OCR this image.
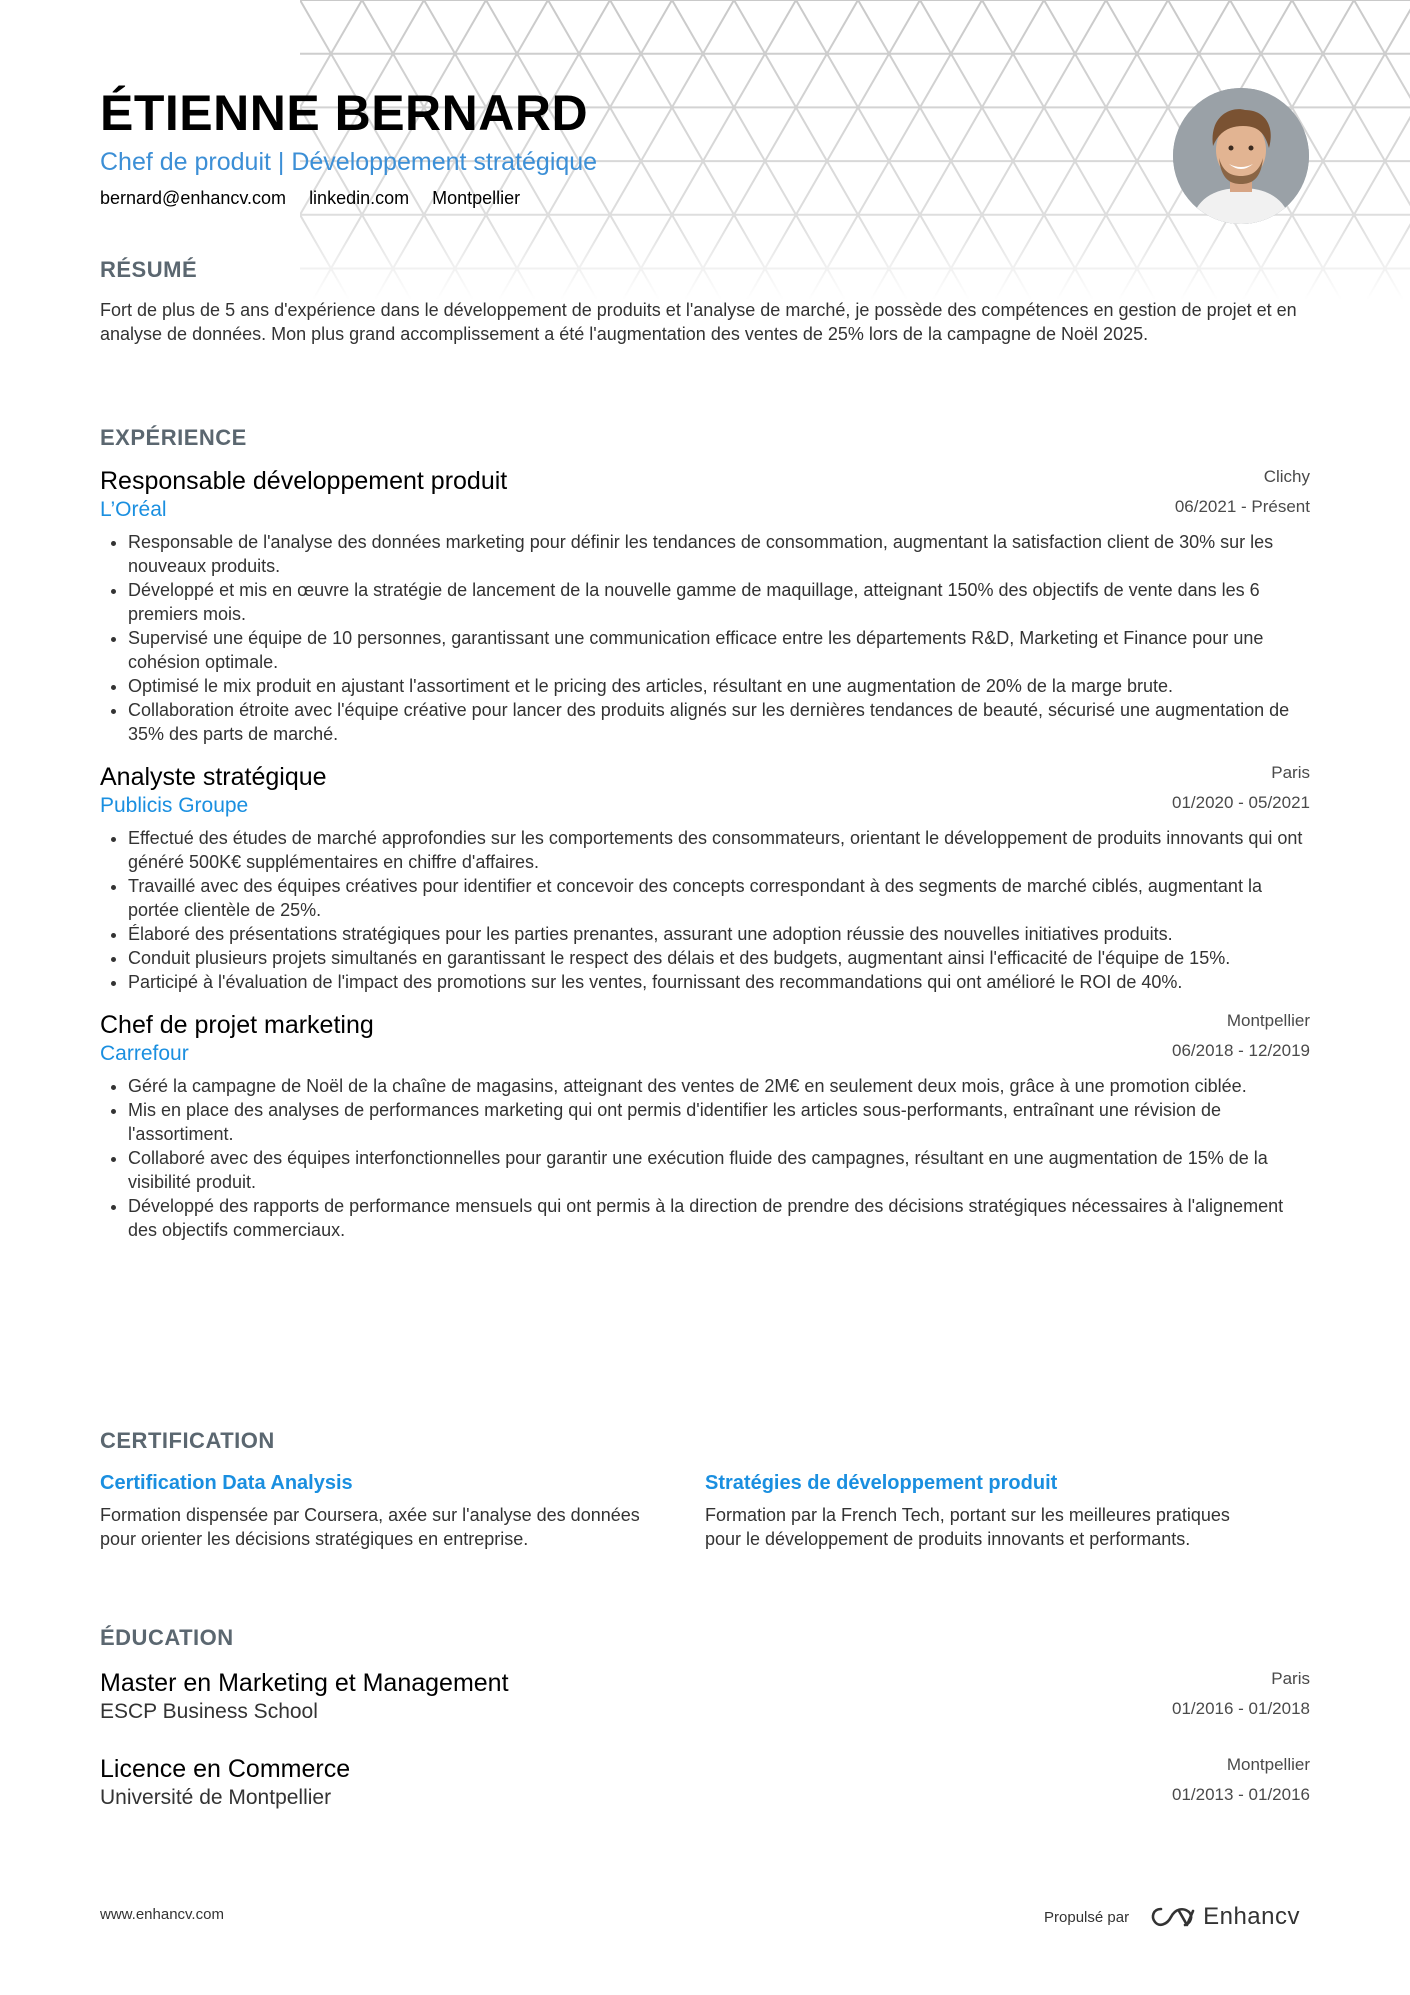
ÉTIENNE BERNARD
Chef de produit | Développement stratégique
bernard@enhancv.com linkedin.com Montpellier
RÉSUMÉ
Fort de plus de 5 ans d'expérience dans le développement de produits et l'analyse de marché, je possède des compétences en gestion de projet et en analyse de données. Mon plus grand accomplissement a été l'augmentation des ventes de 25% lors de la campagne de Noël 2025.
EXPÉRIENCE
Responsable développement produit
L’Oréal
Clichy
06/2021 - Présent
• Responsable de l'analyse des données marketing pour définir les tendances de consommation, augmentant la satisfaction client de 30% sur les nouveaux produits.
• Développé et mis en œuvre la stratégie de lancement de la nouvelle gamme de maquillage, atteignant 150% des objectifs de vente dans les 6 premiers mois.
• Supervisé une équipe de 10 personnes, garantissant une communication efficace entre les départements R&D, Marketing et Finance pour une cohésion optimale.
• Optimisé le mix produit en ajustant l'assortiment et le pricing des articles, résultant en une augmentation de 20% de la marge brute.
• Collaboration étroite avec l'équipe créative pour lancer des produits alignés sur les dernières tendances de beauté, sécurisé une augmentation de 35% des parts de marché.
Analyste stratégique
Publicis Groupe
Paris
01/2020 - 05/2021
• Effectué des études de marché approfondies sur les comportements des consommateurs, orientant le développement de produits innovants qui ont généré 500K€ supplémentaires en chiffre d'affaires.
• Travaillé avec des équipes créatives pour identifier et concevoir des concepts correspondant à des segments de marché ciblés, augmentant la portée clientèle de 25%.
• Élaboré des présentations stratégiques pour les parties prenantes, assurant une adoption réussie des nouvelles initiatives produits.
• Conduit plusieurs projets simultanés en garantissant le respect des délais et des budgets, augmentant ainsi l'efficacité de l'équipe de 15%.
• Participé à l'évaluation de l'impact des promotions sur les ventes, fournissant des recommandations qui ont amélioré le ROI de 40%.
Chef de projet marketing
Carrefour
Montpellier
06/2018 - 12/2019
• Géré la campagne de Noël de la chaîne de magasins, atteignant des ventes de 2M€ en seulement deux mois, grâce à une promotion ciblée.
• Mis en place des analyses de performances marketing qui ont permis d'identifier les articles sous-performants, entraînant une révision de l'assortiment.
• Collaboré avec des équipes interfonctionnelles pour garantir une exécution fluide des campagnes, résultant en une augmentation de 15% de la visibilité produit.
• Développé des rapports de performance mensuels qui ont permis à la direction de prendre des décisions stratégiques nécessaires à l'alignement des objectifs commerciaux.
CERTIFICATION
Certification Data Analysis
Formation dispensée par Coursera, axée sur l'analyse des données pour orienter les décisions stratégiques en entreprise.
Stratégies de développement produit
Formation par la French Tech, portant sur les meilleures pratiques pour le développement de produits innovants et performants.
ÉDUCATION
Master en Marketing et Management
ESCP Business School
Paris
01/2016 - 01/2018
Licence en Commerce
Université de Montpellier
Montpellier
01/2013 - 01/2016
www.enhancv.com	Propulsé par	Enhancv
